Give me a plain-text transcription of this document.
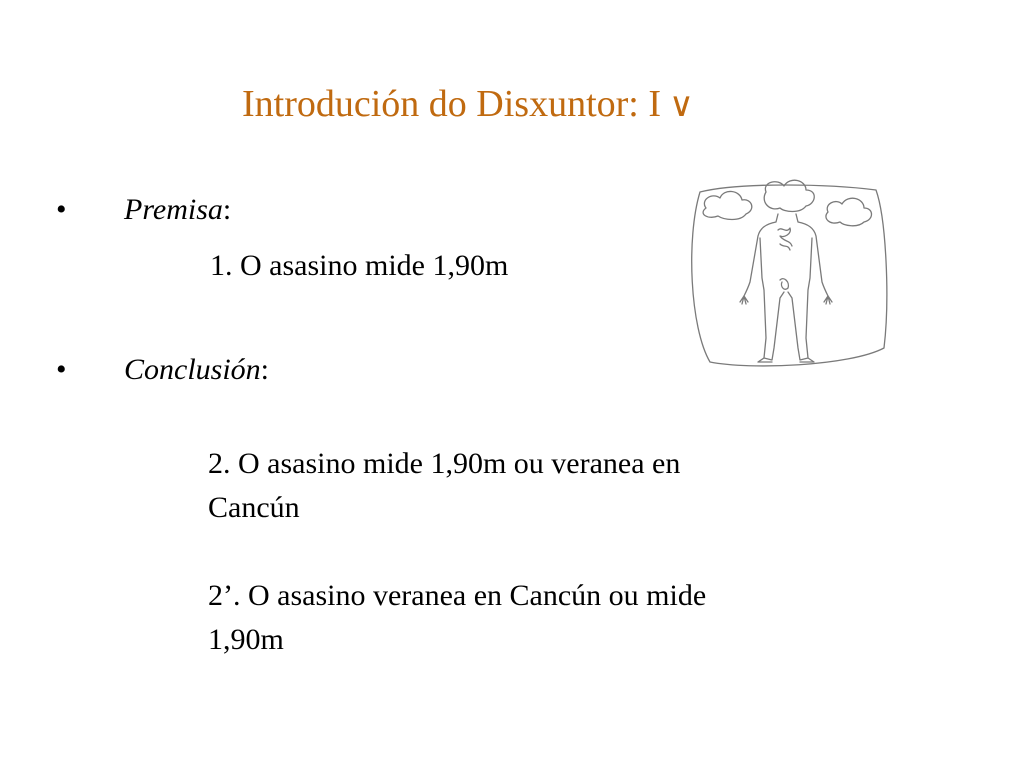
Introdución do Disxuntor: I ∨
• Premisa:
1. O asasino mide 1,90m
• Conclusión:
2. O asasino mide 1,90m ou veranea en
Cancún
2’. O asasino veranea en Cancún ou mide
1,90m
